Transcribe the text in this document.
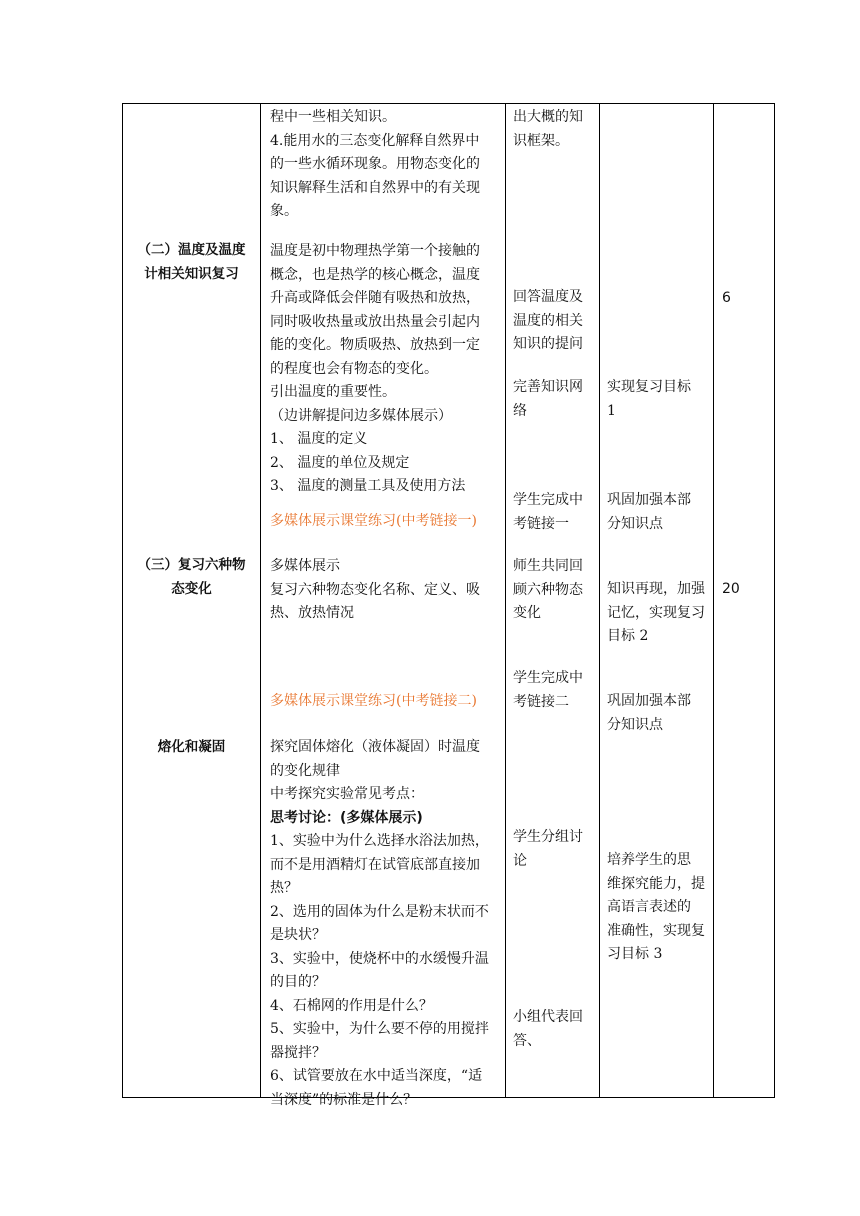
（二）温度及温度
计相关知识复习
（三）复习六种物
态变化
熔化和凝固
程中一些相关知识。
4.能用水的三态变化解释自然界中
的一些水循环现象。用物态变化的
知识解释生活和自然界中的有关现
象。
温度是初中物理热学第一个接触的
概念，也是热学的核心概念，温度
升高或降低会伴随有吸热和放热，
同时吸收热量或放出热量会引起内
能的变化。物质吸热、放热到一定
的程度也会有物态的变化。
引出温度的重要性。
（边讲解提问边多媒体展示）
1、 温度的定义
2、 温度的单位及规定
3、 温度的测量工具及使用方法
多媒体展示课堂练习(中考链接一)
多媒体展示
复习六种物态变化名称、定义、吸
热、放热情况
多媒体展示课堂练习(中考链接二)
探究固体熔化（液体凝固）时温度
的变化规律
中考探究实验常见考点：
思考讨论：(多媒体展示)
1、实验中为什么选择水浴法加热，
而不是用酒精灯在试管底部直接加
热？
2、选用的固体为什么是粉末状而不
是块状？
3、实验中，使烧杯中的水缓慢升温
的目的？
4、石棉网的作用是什么？
5、实验中，为什么要不停的用搅拌
器搅拌？
6、试管要放在水中适当深度，“适
当深度”的标准是什么？
出大概的知
识框架。
回答温度及
温度的相关
知识的提问
完善知识网
络
学生完成中
考链接一
师生共同回
顾六种物态
变化
学生完成中
考链接二
学生分组讨
论
小组代表回
答、
实现复习目标
1
巩固加强本部
分知识点
知识再现，加强
记忆，实现复习
目标 2
巩固加强本部
分知识点
培养学生的思
维探究能力，提
高语言表述的
准确性，实现复
习目标 3
6
20
